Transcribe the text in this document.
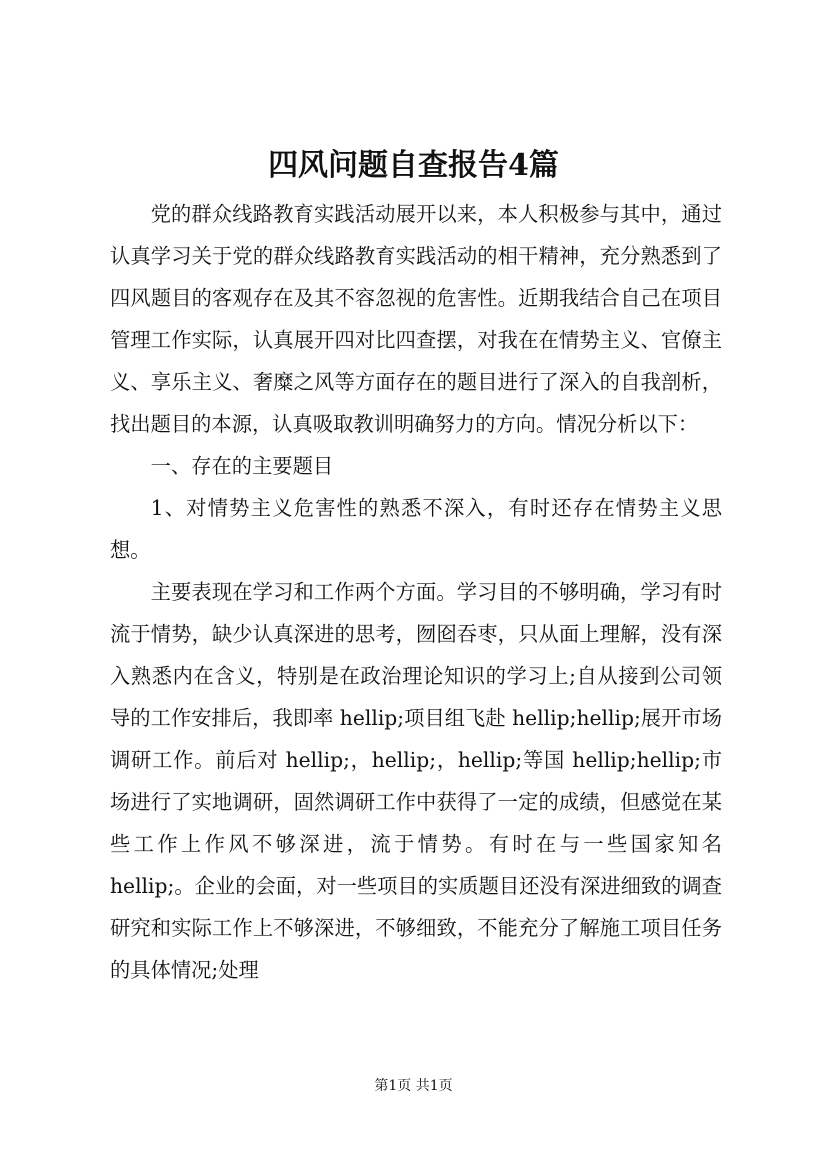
四风问题自查报告4篇

党的群众线路教育实践活动展开以来，本人积极参与其中，通过认真学习关于党的群众线路教育实践活动的相干精神，充分熟悉到了四风题目的客观存在及其不容忽视的危害性。近期我结合自己在项目管理工作实际，认真展开四对比四查摆，对我在在情势主义、官僚主义、享乐主义、奢糜之风等方面存在的题目进行了深入的自我剖析，找出题目的本源，认真吸取教训明确努力的方向。情况分析以下：

一、存在的主要题目

1、对情势主义危害性的熟悉不深入，有时还存在情势主义思想。

主要表现在学习和工作两个方面。学习目的不够明确，学习有时流于情势，缺少认真深进的思考，囫囵吞枣，只从面上理解，没有深入熟悉内在含义，特别是在政治理论知识的学习上;自从接到公司领导的工作安排后，我即率 hellip;项目组飞赴 hellip;hellip;展开市场调研工作。前后对 hellip;，hellip;，hellip;等国 hellip;hellip;市场进行了实地调研，固然调研工作中获得了一定的成绩，但感觉在某些工作上作风不够深进，流于情势。有时在与一些国家知名 hellip;。企业的会面，对一些项目的实质题目还没有深进细致的调查研究和实际工作上不够深进，不够细致，不能充分了解施工项目任务的具体情况;处理

第1页 共1页
